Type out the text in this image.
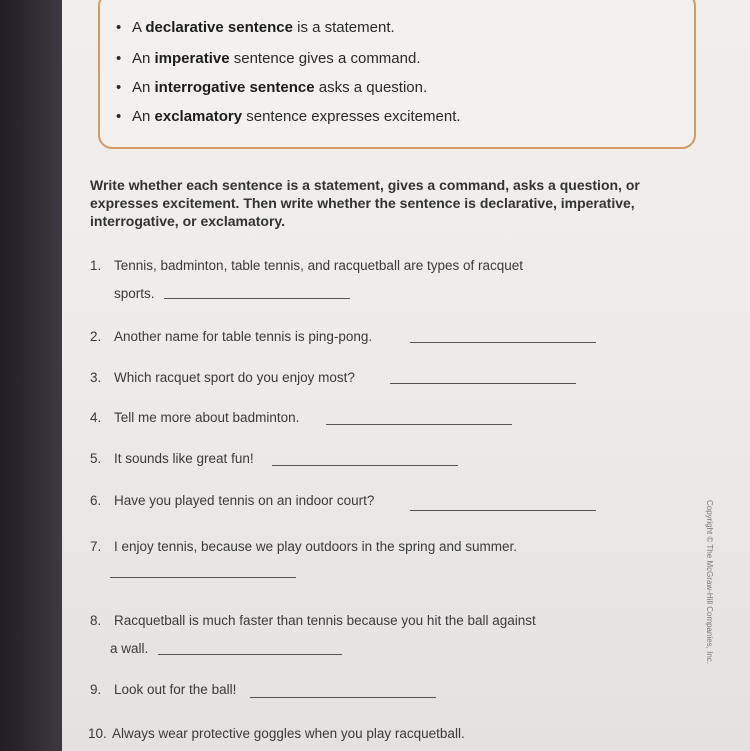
• A declarative sentence is a statement.
• An imperative sentence gives a command.
• An interrogative sentence asks a question.
• An exclamatory sentence expresses excitement.
Write whether each sentence is a statement, gives a command, asks a question, or expresses excitement. Then write whether the sentence is declarative, imperative, interrogative, or exclamatory.
1. Tennis, badminton, table tennis, and racquetball are types of racquet
sports.
2. Another name for table tennis is ping-pong.
3. Which racquet sport do you enjoy most?
4. Tell me more about badminton.
5. It sounds like great fun!
6. Have you played tennis on an indoor court?
7. I enjoy tennis, because we play outdoors in the spring and summer.
8. Racquetball is much faster than tennis because you hit the ball against
a wall.
9. Look out for the ball!
10. Always wear protective goggles when you play racquetball.
Copyright © The McGraw-Hill Companies, Inc.
